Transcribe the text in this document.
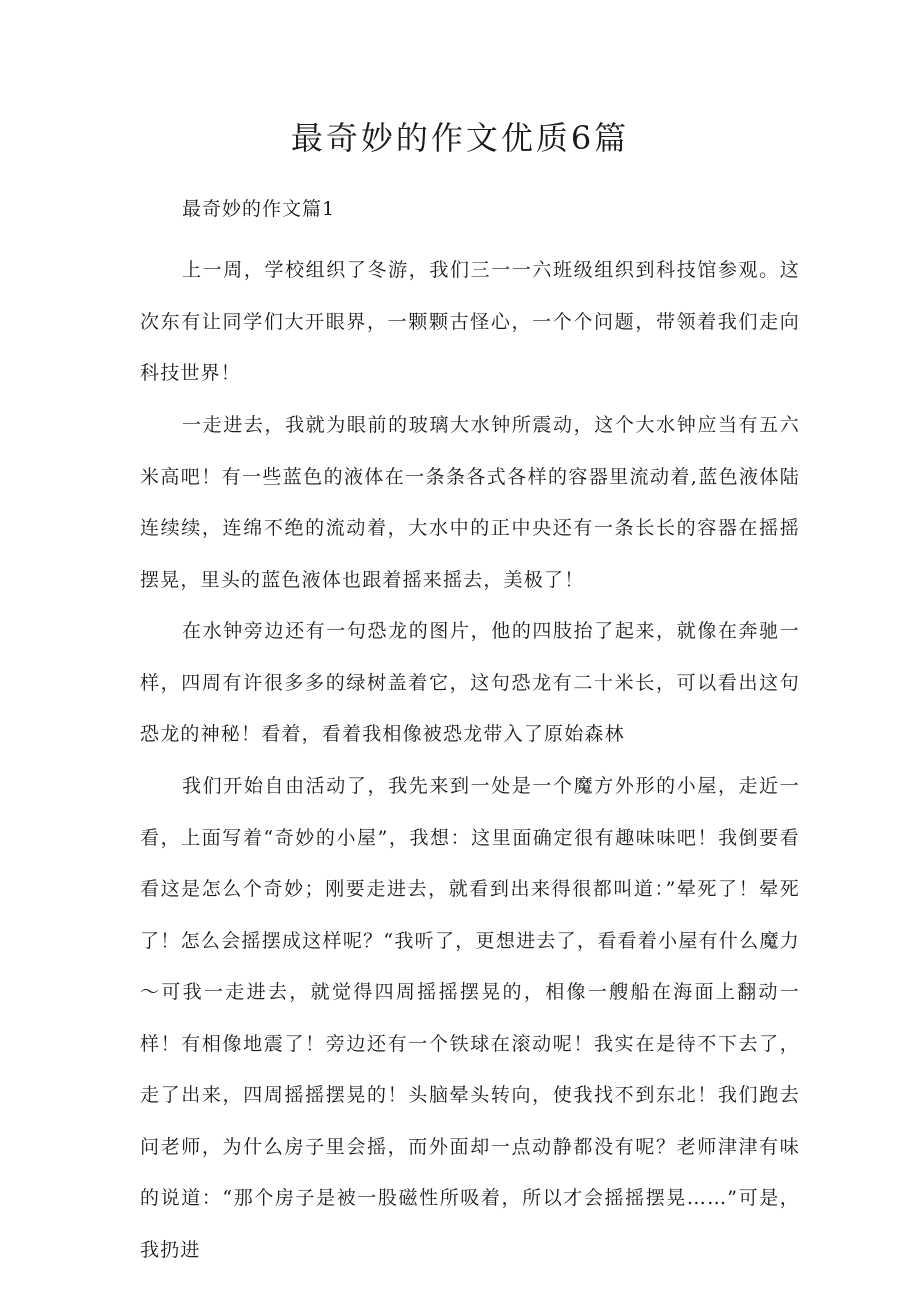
最奇妙的作文优质6篇

最奇妙的作文篇1

上一周，学校组织了冬游，我们三一一六班级组织到科技馆参观。这次东有让同学们大开眼界，一颗颗古怪心，一个个问题，带领着我们走向科技世界！

一走进去，我就为眼前的玻璃大水钟所震动，这个大水钟应当有五六米高吧！有一些蓝色的液体在一条条各式各样的容器里流动着,蓝色液体陆连续续，连绵不绝的流动着，大水中的正中央还有一条长长的容器在摇摇摆晃，里头的蓝色液体也跟着摇来摇去，美极了！

在水钟旁边还有一句恐龙的图片，他的四肢抬了起来，就像在奔驰一样，四周有许很多多的绿树盖着它，这句恐龙有二十米长，可以看出这句恐龙的神秘！看着，看着我相像被恐龙带入了原始森林

我们开始自由活动了，我先来到一处是一个魔方外形的小屋，走近一看，上面写着“奇妙的小屋”，我想：这里面确定很有趣味味吧！我倒要看看这是怎么个奇妙；刚要走进去，就看到出来得很都叫道：”晕死了！晕死了！怎么会摇摆成这样呢？“我听了，更想进去了，看看着小屋有什么魔力～可我一走进去，就觉得四周摇摇摆晃的，相像一艘船在海面上翻动一样！有相像地震了！旁边还有一个铁球在滚动呢！我实在是待不下去了，走了出来，四周摇摇摆晃的！头脑晕头转向，使我找不到东北！我们跑去问老师，为什么房子里会摇，而外面却一点动静都没有呢？老师津津有味的说道：“那个房子是被一股磁性所吸着，所以才会摇摇摆晃……”可是，我扔进
